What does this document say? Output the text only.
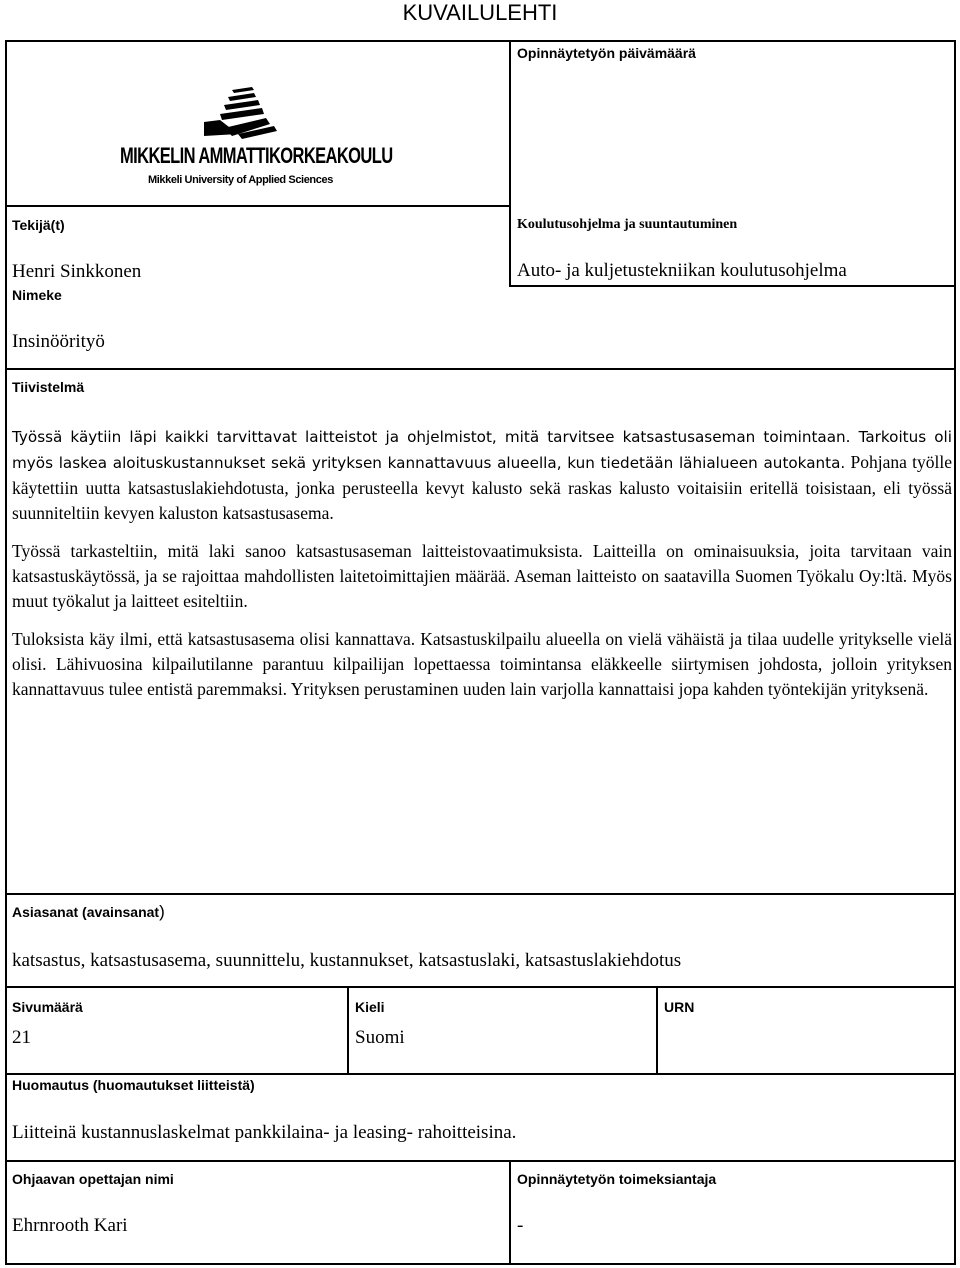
KUVAILULEHTI
Opinnäytetyön päivämäärä
MIKKELIN AMMATTIKORKEAKOULU
Mikkeli University of Applied Sciences
Tekijä(t)
Henri Sinkkonen
Koulutusohjelma ja suuntautuminen
Auto- ja kuljetustekniikan koulutusohjelma
Nimeke
Insinöörityö
Tiivistelmä

Työssä käytiin läpi kaikki tarvittavat laitteistot ja ohjelmistot, mitä tarvitsee katsastusaseman toimintaan. Tarkoitus oli myös laskea aloituskustannukset sekä yrityksen kannattavuus alueella, kun tiedetään lähialueen autokanta. Pohjana työlle käytettiin uutta katsastuslakiehdotusta, jonka perusteella kevyt kalusto sekä raskas kalusto voitaisiin eritellä toisistaan, eli työssä suunniteltiin kevyen kaluston katsastusasema.

Työssä tarkasteltiin, mitä laki sanoo katsastusaseman laitteistovaatimuksista. Laitteilla on ominaisuuksia, joita tarvitaan vain katsastuskäytössä, ja se rajoittaa mahdollisten laitetoimittajien määrää. Aseman laitteisto on saatavilla Suomen Työkalu Oy:ltä. Myös muut työkalut ja laitteet esiteltiin.

Tuloksista käy ilmi, että katsastusasema olisi kannattava. Katsastuskilpailu alueella on vielä vähäistä ja tilaa uudelle yritykselle vielä olisi. Lähivuosina kilpailutilanne parantuu kilpailijan lopettaessa toimintansa eläkkeelle siirtymisen johdosta, jolloin yrityksen kannattavuus tulee entistä paremmaksi. Yrityksen perustaminen uuden lain varjolla kannattaisi jopa kahden työntekijän yrityksenä.

Asiasanat (avainsanat)
katsastus, katsastusasema, suunnittelu, kustannukset, katsastuslaki, katsastuslakiehdotus
Sivumäärä
21
Kieli
Suomi
URN
Huomautus (huomautukset liitteistä)
Liitteinä kustannuslaskelmat pankkilaina- ja leasing- rahoitteisina.
Ohjaavan opettajan nimi
Ehrnrooth Kari
Opinnäytetyön toimeksiantaja
-
